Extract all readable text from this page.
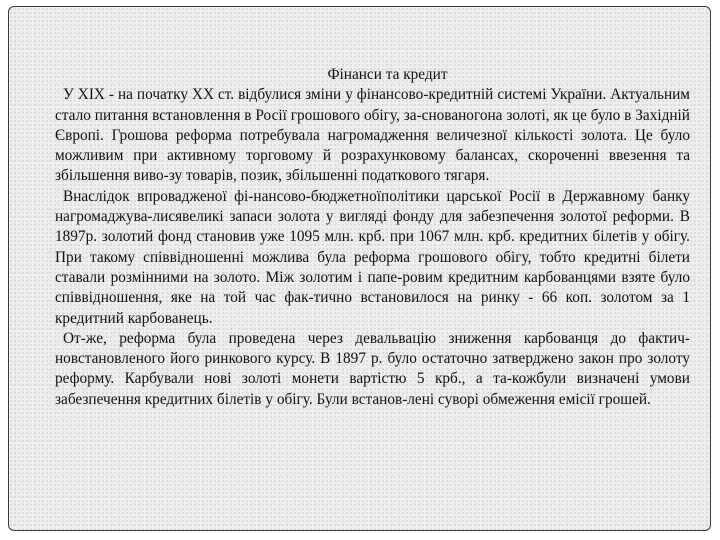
Фінанси та кредит

У XIX - на початку XX ст. відбулися зміни у фінансово-кредитній системі України. Актуальним стало питання встановлення в Росії грошового обігу, за-снованогона золоті, як це було в Західній Європі. Грошова реформа потребувала нагромадження величезної кількості золота. Це було можливим при активному торговому й розрахунковому балансах, скороченні ввезення та збільшення виво-зу товарів, позик, збільшенні податкового тягаря.

Внаслідок впровадженої фі-нансово-бюджетноїполітики царської Росії в Державному банку нагромаджува-лисявеликі запаси золота у вигляді фонду для забезпечення золотої реформи. В 1897р. золотий фонд становив уже 1095 млн. крб. при 1067 млн. крб. кредитних білетів у обігу. При такому співвідношенні можлива була реформа грошового обігу, тобто кредитні білети ставали розмінними на золото. Між золотим і папе-ровим кредитним карбованцями взяте було співвідношення, яке на той час фак-тично встановилося на ринку - 66 коп. золотом за 1 кредитний карбованець.

От-же, реформа була проведена через девальвацію зниження карбованця до фактич-новстановленого його ринкового курсу. В 1897 р. було остаточно затверджено закон про золоту реформу. Карбували нові золоті монети вартістю 5 крб., а та-кожбули визначені умови забезпечення кредитних білетів у обігу. Були встанов-лені суворі обмеження емісії грошей.
